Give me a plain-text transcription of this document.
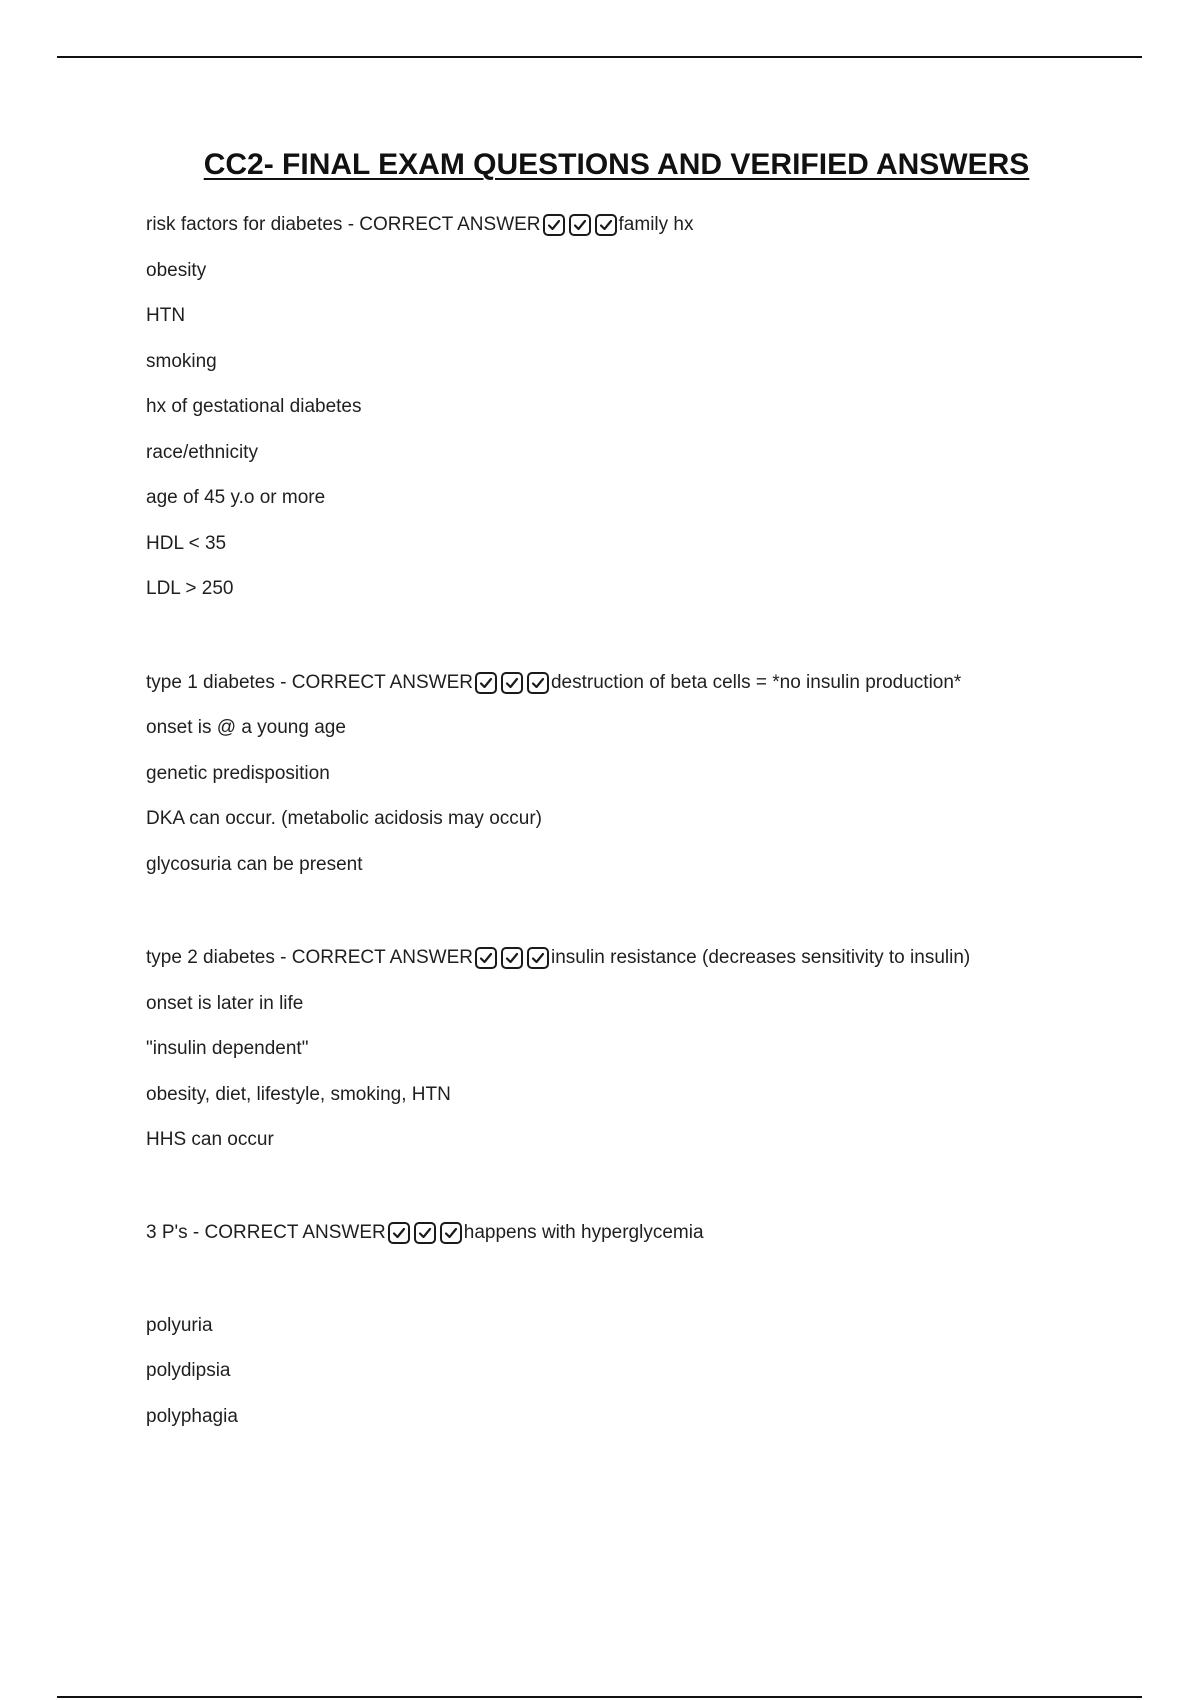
CC2- FINAL EXAM QUESTIONS AND VERIFIED ANSWERS
risk factors for diabetes - CORRECT ANSWER	family hx
obesity
HTN
smoking
hx of gestational diabetes
race/ethnicity
age of 45 y.o or more
HDL < 35
LDL > 250
type 1 diabetes - CORRECT ANSWER	destruction of beta cells = *no insulin production*
onset is @ a young age
genetic predisposition
DKA can occur. (metabolic acidosis may occur)
glycosuria can be present
type 2 diabetes - CORRECT ANSWER	insulin resistance (decreases sensitivity to insulin)
onset is later in life
"insulin dependent"
obesity, diet, lifestyle, smoking, HTN
HHS can occur
3 P's - CORRECT ANSWER	happens with hyperglycemia
polyuria
polydipsia
polyphagia
